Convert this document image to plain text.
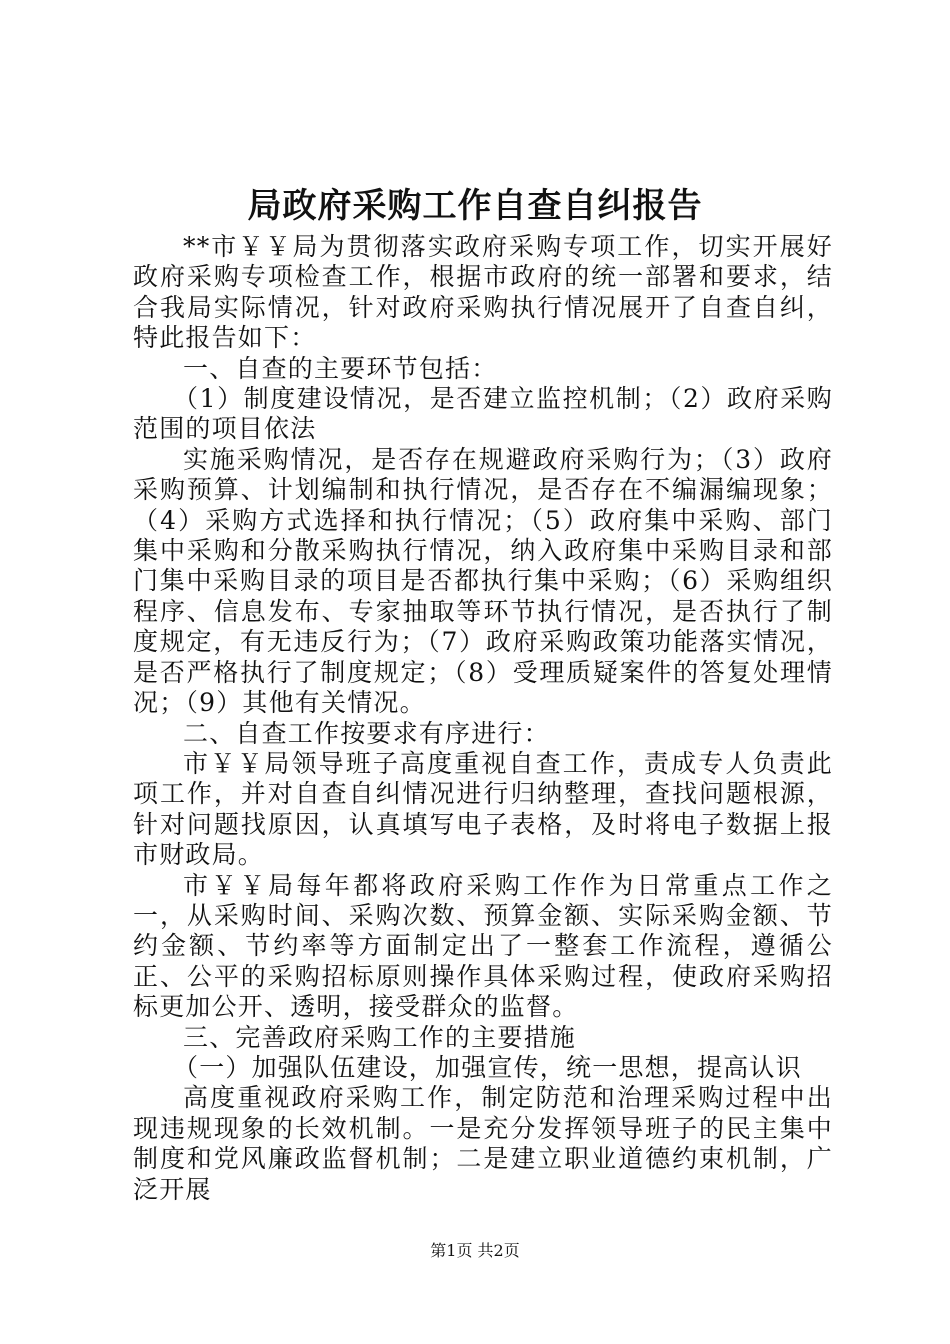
局政府采购工作自查自纠报告

**市￥￥局为贯彻落实政府采购专项工作，切实开展好政府采购专项检查工作，根据市政府的统一部署和要求，结合我局实际情况，针对政府采购执行情况展开了自查自纠，特此报告如下：

一、自查的主要环节包括：

（1）制度建设情况，是否建立监控机制；（2）政府采购范围的项目依法

实施采购情况，是否存在规避政府采购行为；（3）政府采购预算、计划编制和执行情况，是否存在不编漏编现象；（4）采购方式选择和执行情况；（5）政府集中采购、部门集中采购和分散采购执行情况，纳入政府集中采购目录和部门集中采购目录的项目是否都执行集中采购；（6）采购组织程序、信息发布、专家抽取等环节执行情况，是否执行了制度规定，有无违反行为；（7）政府采购政策功能落实情况，是否严格执行了制度规定；（8）受理质疑案件的答复处理情况；（9）其他有关情况。

二、自查工作按要求有序进行：

市￥￥局领导班子高度重视自查工作，责成专人负责此项工作，并对自查自纠情况进行归纳整理，查找问题根源，针对问题找原因，认真填写电子表格，及时将电子数据上报市财政局。

市￥￥局每年都将政府采购工作作为日常重点工作之一，从采购时间、采购次数、预算金额、实际采购金额、节约金额、节约率等方面制定出了一整套工作流程，遵循公正、公平的采购招标原则操作具体采购过程，使政府采购招标更加公开、透明，接受群众的监督。

三、完善政府采购工作的主要措施

（一）加强队伍建设，加强宣传，统一思想，提高认识

高度重视政府采购工作，制定防范和治理采购过程中出现违规现象的长效机制。一是充分发挥领导班子的民主集中制度和党风廉政监督机制；二是建立职业道德约束机制，广泛开展

第1页 共2页
